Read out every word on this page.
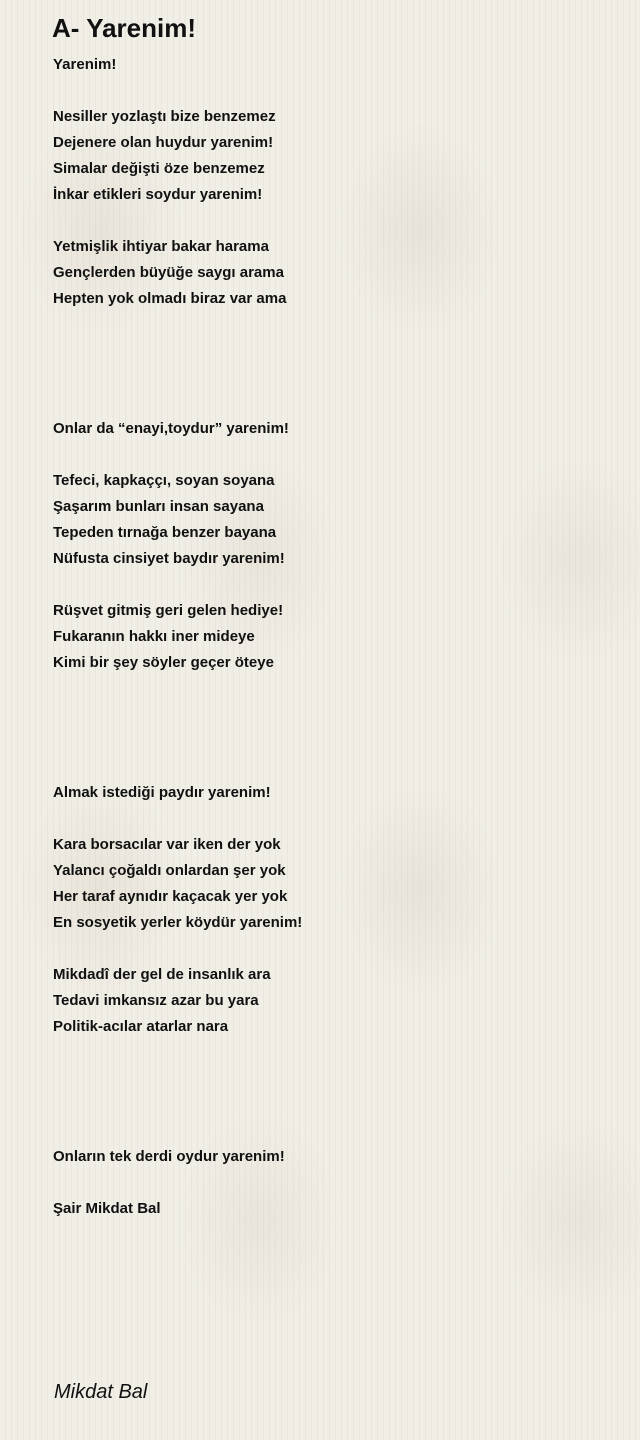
A- Yarenim!
Yarenim!
Nesiller yozlaştı bize benzemez
Dejenere olan huydur yarenim!
Simalar değişti öze benzemez
İnkar etikleri soydur yarenim!
Yetmişlik ihtiyar bakar harama
Gençlerden büyüğe saygı arama
Hepten yok olmadı biraz var ama
Onlar da “enayi,toydur” yarenim!
Tefeci, kapkaççı, soyan soyana
Şaşarım bunları insan sayana
Tepeden tırnağa benzer bayana
Nüfusta cinsiyet baydır yarenim!
Rüşvet gitmiş geri gelen hediye!
Fukaranın hakkı iner mideye
Kimi bir şey söyler geçer öteye
Almak istediği paydır yarenim!
Kara borsacılar var iken der yok
Yalancı çoğaldı onlardan şer yok
Her taraf aynıdır kaçacak yer yok
En sosyetik yerler köydür yarenim!
Mikdadî der gel de insanlık ara
Tedavi imkansız azar bu yara
Politik-acılar atarlar nara
Onların tek derdi oydur yarenim!
Şair Mikdat Bal
Mikdat Bal
